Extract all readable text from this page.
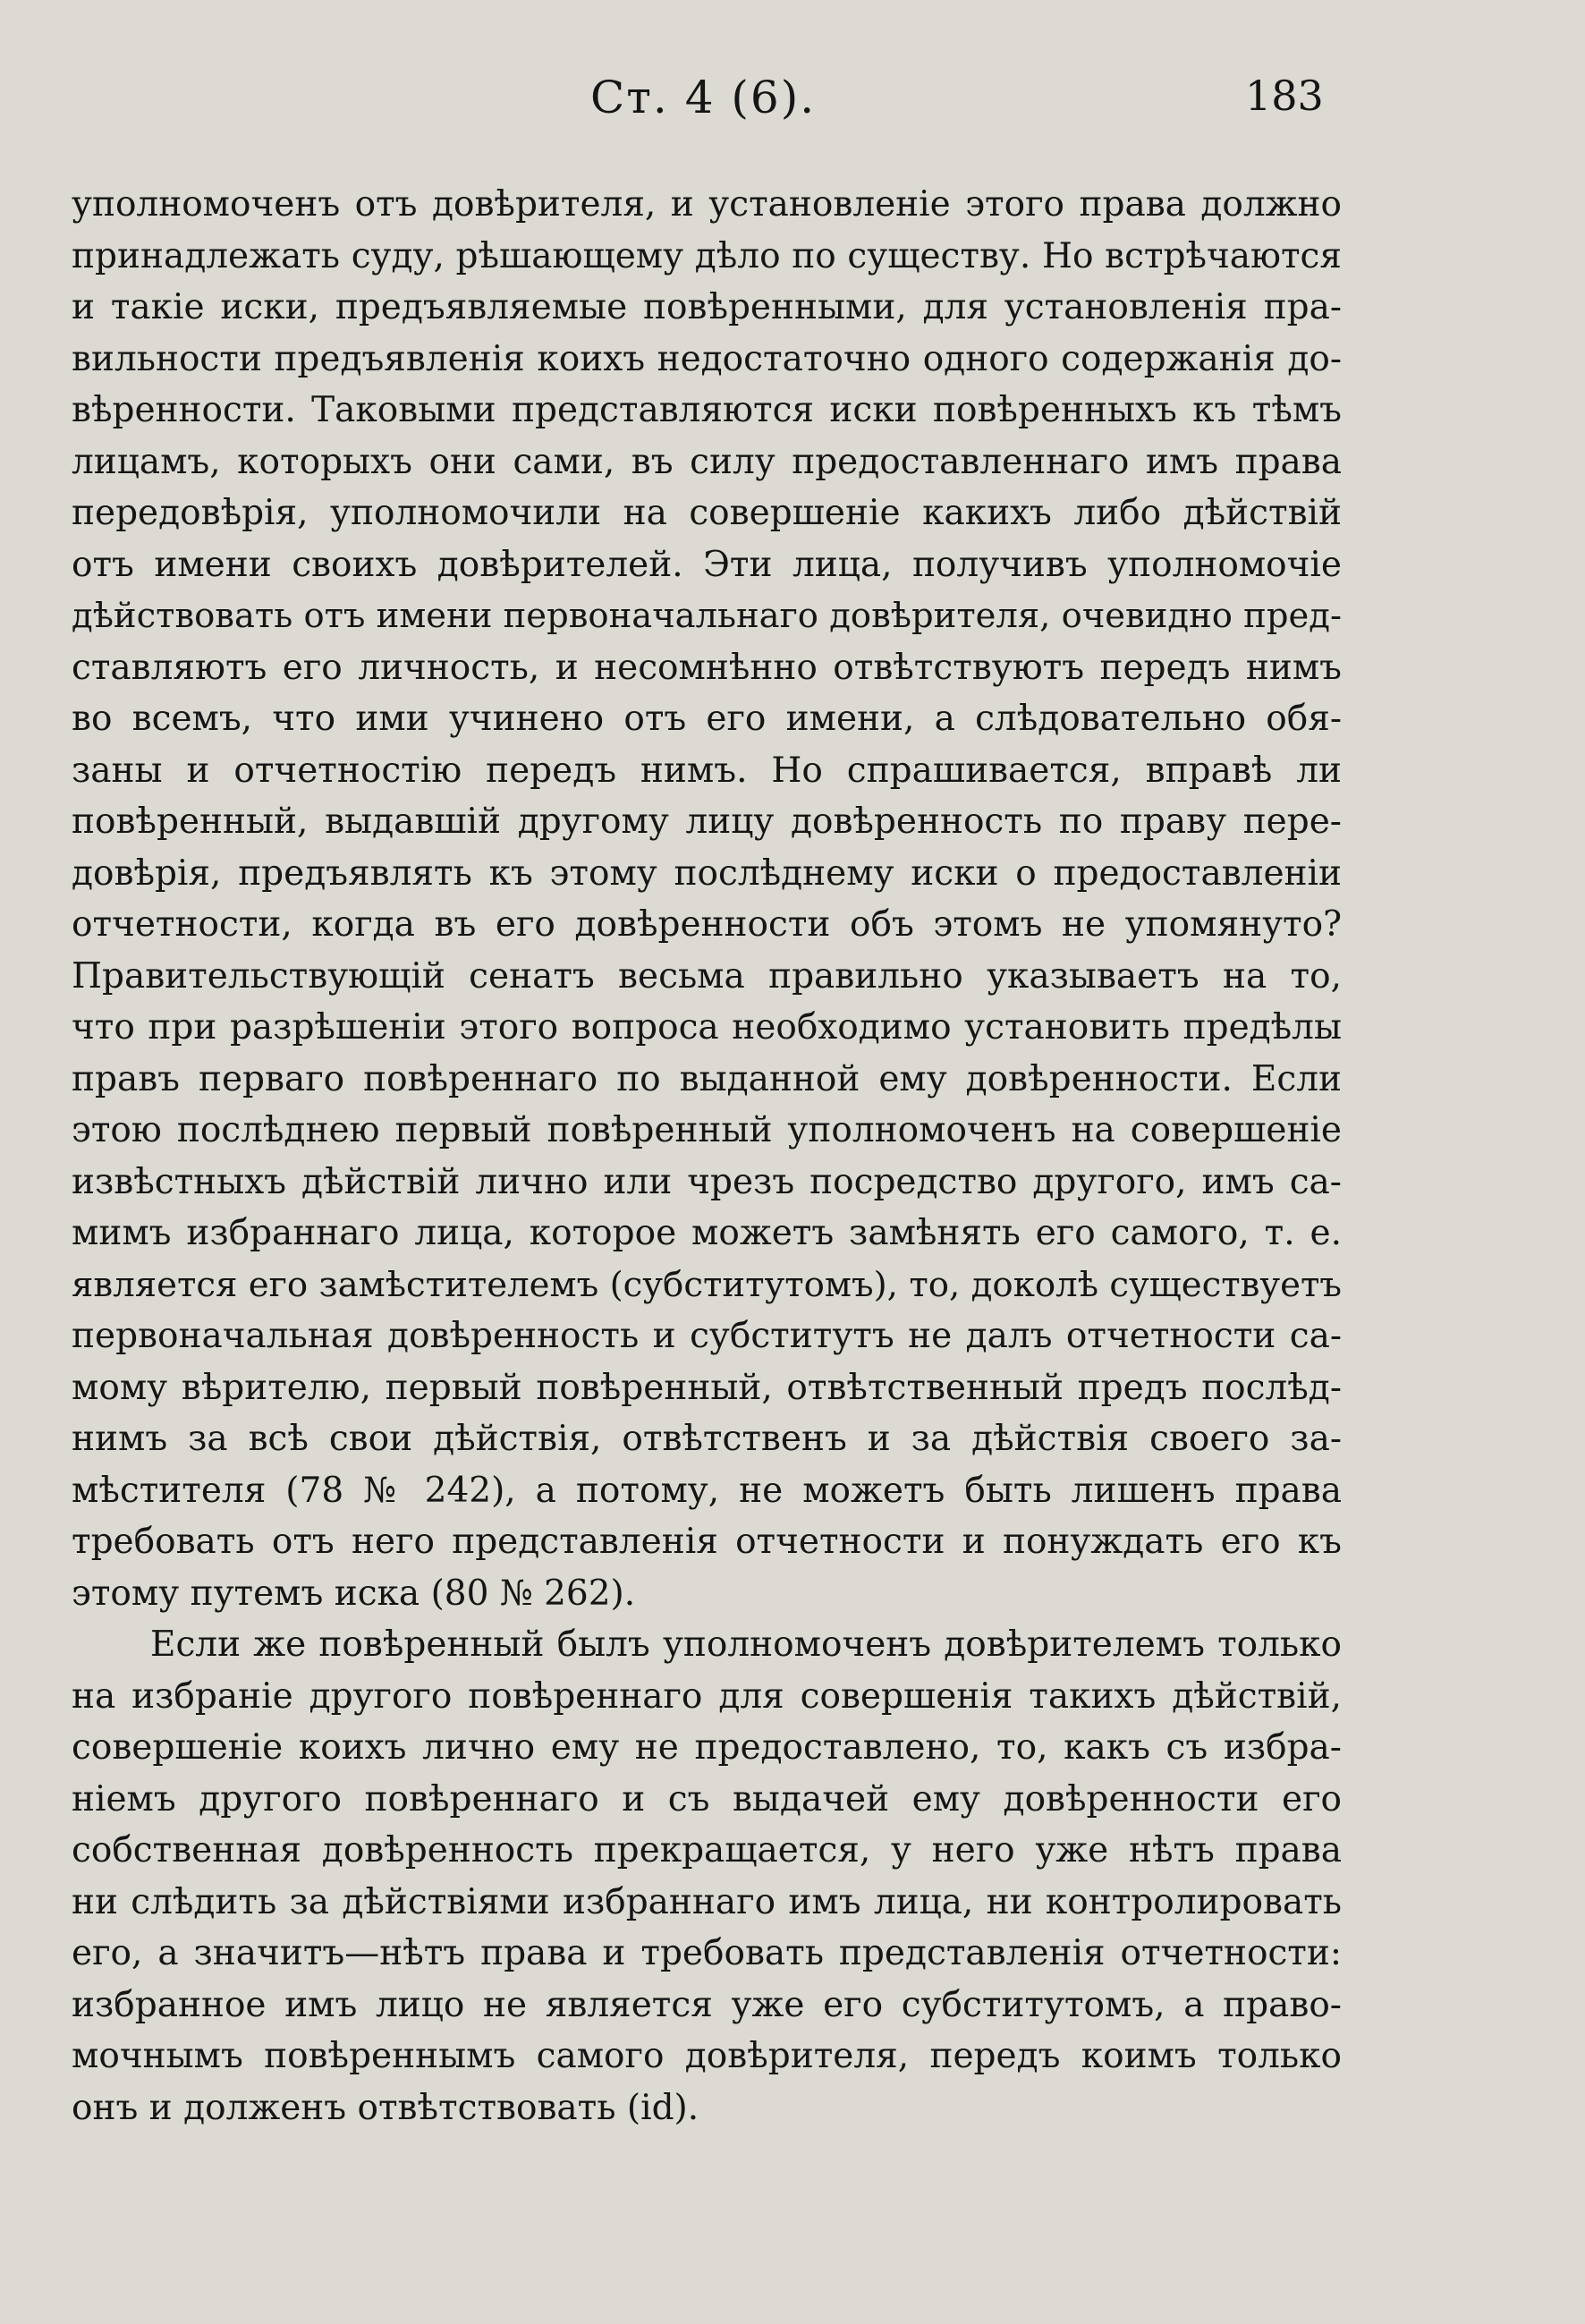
Ст. 4 (6).	183
уполномоченъ отъ довѣрителя, и установленіе этого права должно
принадлежать суду, рѣшающему дѣло по существу. Но встрѣчаются
и такіе иски, предъявляемые повѣренными, для установленія пра-
вильности предъявленія коихъ недостаточно одного содержанія до-
вѣренности. Таковыми представляются иски повѣренныхъ къ тѣмъ
лицамъ, которыхъ они сами, въ силу предоставленнаго имъ права
передовѣрія, уполномочили на совершеніе какихъ либо дѣйствій
отъ имени своихъ довѣрителей. Эти лица, получивъ уполномочіе
дѣйствовать отъ имени первоначальнаго довѣрителя, очевидно пред-
ставляютъ его личность, и несомнѣнно отвѣтствуютъ передъ нимъ
во всемъ, что ими учинено отъ его имени, а слѣдовательно обя-
заны и отчетностію передъ нимъ. Но спрашивается, вправѣ ли
повѣренный, выдавшій другому лицу довѣренность по праву пере-
довѣрія, предъявлять къ этому послѣднему иски о предоставленіи
отчетности, когда въ его довѣренности объ этомъ не упомянуто?
Правительствующій сенатъ весьма правильно указываетъ на то,
что при разрѣшеніи этого вопроса необходимо установить предѣлы
правъ перваго повѣреннаго по выданной ему довѣренности. Если
этою послѣднею первый повѣренный уполномоченъ на совершеніе
извѣстныхъ дѣйствій лично или чрезъ посредство другого, имъ са-
мимъ избраннаго лица, которое можетъ замѣнять его самого, т. е.
является его замѣстителемъ (субститутомъ), то, доколѣ существуетъ
первоначальная довѣренность и субститутъ не далъ отчетности са-
мому вѣрителю, первый повѣренный, отвѣтственный предъ послѣд-
нимъ за всѣ свои дѣйствія, отвѣтственъ и за дѣйствія своего за-
мѣстителя (78 № 242), а потому, не можетъ быть лишенъ права
требовать отъ него представленія отчетности и понуждать его къ
этому путемъ иска (80 № 262).
Если же повѣренный былъ уполномоченъ довѣрителемъ только
на избраніе другого повѣреннаго для совершенія такихъ дѣйствій,
совершеніе коихъ лично ему не предоставлено, то, какъ съ избра-
ніемъ другого повѣреннаго и съ выдачей ему довѣренности его
собственная довѣренность прекращается, у него уже нѣтъ права
ни слѣдить за дѣйствіями избраннаго имъ лица, ни контролировать
его, а значитъ—нѣтъ права и требовать представленія отчетности:
избранное имъ лицо не является уже его субститутомъ, а право-
мочнымъ повѣреннымъ самого довѣрителя, передъ коимъ только
онъ и долженъ отвѣтствовать (id).
